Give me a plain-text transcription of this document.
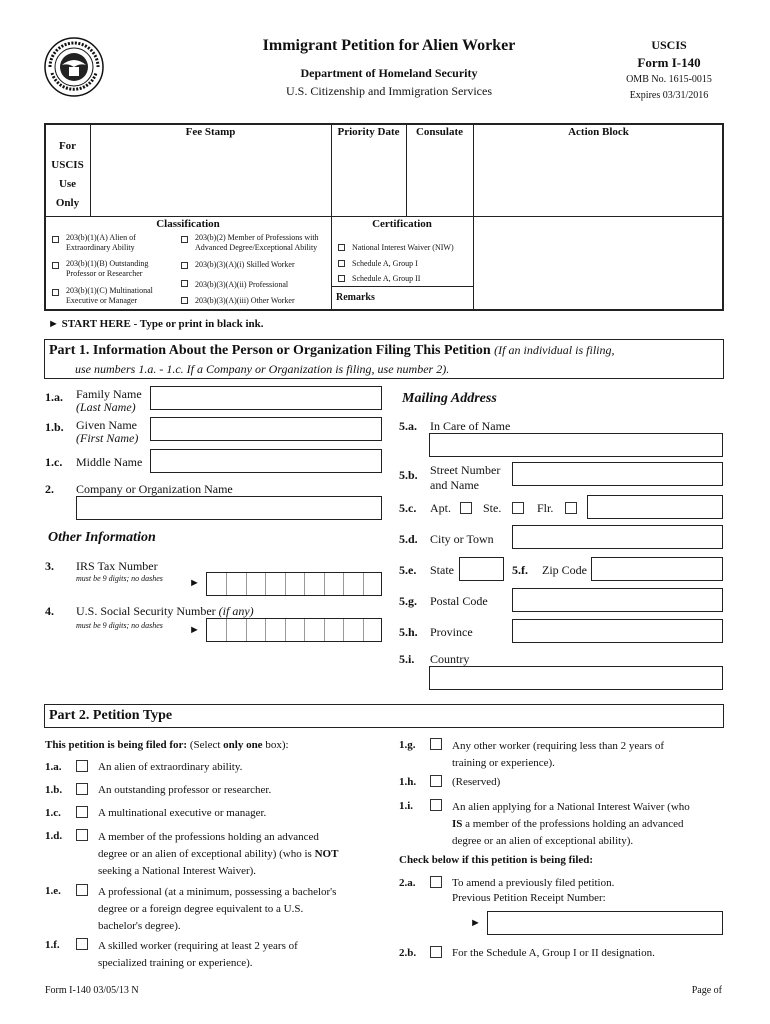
Immigrant Petition for Alien Worker
Department of Homeland Security
U.S. Citizenship and Immigration Services
USCIS
Form I-140
OMB No. 1615-0015
Expires 03/31/2016
For
USCIS
Use
Only
Fee Stamp	Priority Date	Consulate	Action Block
Classification	Certification
Remarks
203(b)(1)(A) Alien of
Extraordinary Ability
203(b)(1)(B) Outstanding
Professor or Researcher
203(b)(1)(C) Multinational
Executive or Manager
203(b)(2) Member of Professions with
Advanced Degree/Exceptional Ability
203(b)(3)(A)(i) Skilled Worker
203(b)(3)(A)(ii) Professional
203(b)(3)(A)(iii) Other Worker
National Interest Waiver (NIW)
Schedule A, Group I
Schedule A, Group II
► START HERE - Type or print in black ink.
Part 1. Information About the Person or Organization Filing This Petition (If an individual is filing,
use numbers 1.a. - 1.c. If a Company or Organization is filing, use number 2).
1.a. Family Name
(Last Name)
1.b. Given Name
(First Name)
1.c. Middle Name
2. Company or Organization Name
Other Information
3. IRS Tax Number
must be 9 digits; no dashes ►
4. U.S. Social Security Number (if any)
must be 9 digits; no dashes ►
Mailing Address
5.a. In Care of Name
5.b. Street Number
and Name
5.c. Apt.	Ste.	Flr.
5.d. City or Town
5.e. State	5.f. Zip Code
5.g. Postal Code
5.h. Province
5.i. Country
Part 2. Petition Type
This petition is being filed for: (Select only one box):
1.a.	An alien of extraordinary ability.
1.b.	An outstanding professor or researcher.
1.c.	A multinational executive or manager.
1.d.	A member of the professions holding an advanced
degree or an alien of exceptional ability) (who is NOT
seeking a National Interest Waiver).
1.e.	A professional (at a minimum, possessing a bachelor's
degree or a foreign degree equivalent to a U.S.
bachelor's degree).
1.f.	A skilled worker (requiring at least 2 years of
specialized training or experience).
1.g.	Any other worker (requiring less than 2 years of
training or experience).
1.h.	(Reserved)
1.i.	An alien applying for a National Interest Waiver (who
IS a member of the professions holding an advanced
degree or an alien of exceptional ability).
Check below if this petition is being filed:
2.a.	To amend a previously filed petition.
Previous Petition Receipt Number:
►
2.b.	For the Schedule A, Group I or II designation.
Form I-140 03/05/13 N	Page of
